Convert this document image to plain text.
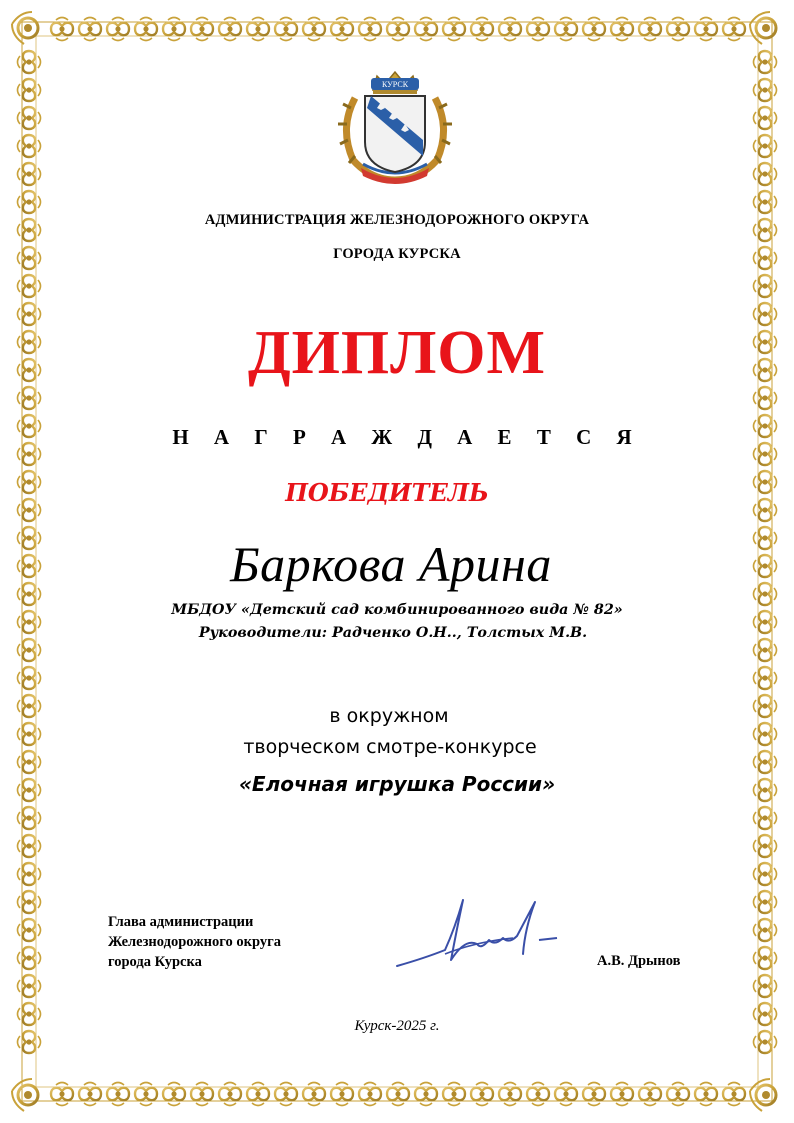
КУРСК
АДМИНИСТРАЦИЯ ЖЕЛЕЗНОДОРОЖНОГО ОКРУГА
ГОРОДА КУРСКА
ДИПЛОМ
Н А Г Р А Ж Д А Е Т С Я
ПОБЕДИТЕЛЬ
Баркова Арина
МБДОУ «Детский сад комбинированного вида № 82»
Руководители: Радченко О.Н.., Толстых М.В.
в окружном
творческом смотре-конкурсе
«Елочная игрушка России»
Глава администрации
Железнодорожного округа
города Курска	А.В. Дрынов
Курск-2025 г.
